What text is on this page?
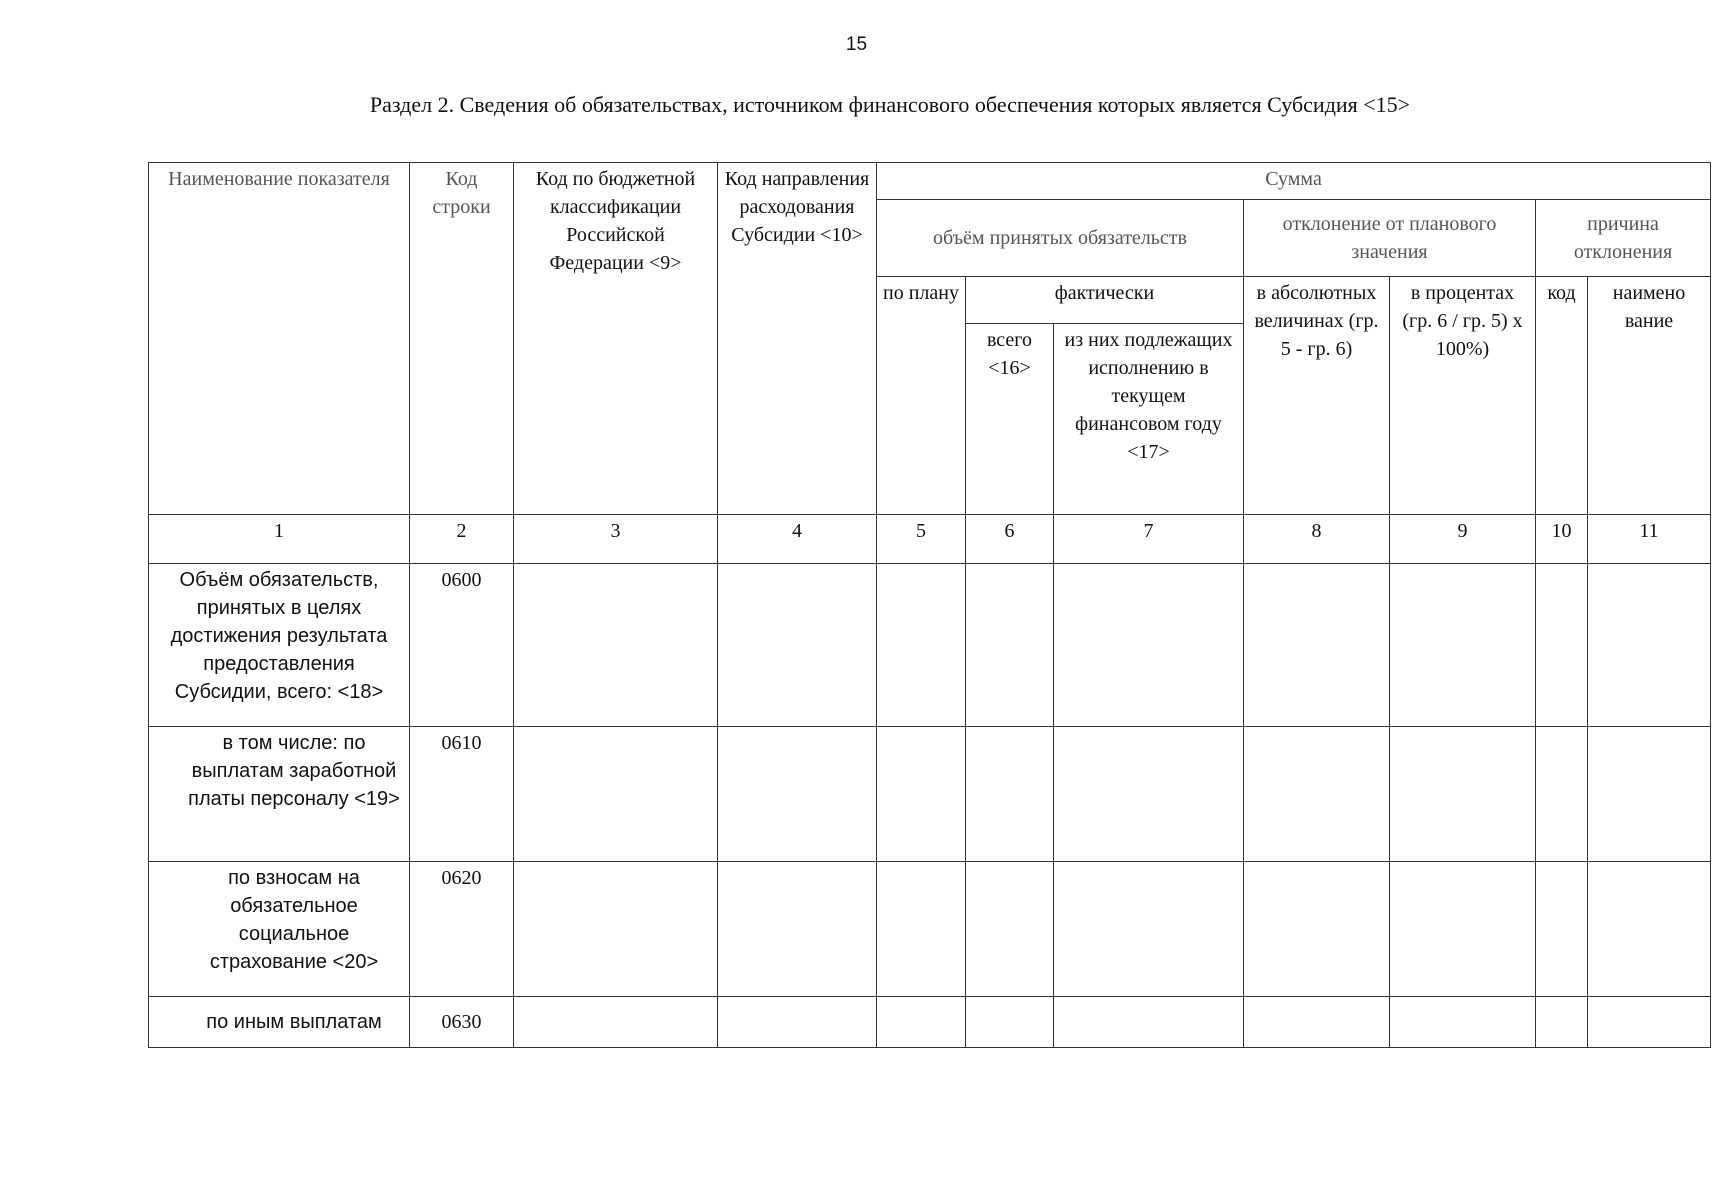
15
Раздел 2. Сведения об обязательствах, источником финансового обеспечения которых является Субсидия <15>
Наименование показателя	Код строки	Код по бюджетной классификации Российской Федерации <9>	Код направления расходования Субсидии <10>	Сумма						
				объём принятых обязательств			отклонение от планового значения		причина отклонения	
				по плану	фактически		в абсолютных величинах (гр. 5 - гр. 6)	в процентах (гр. 6 / гр. 5) x 100%)	код	наимено вание
					всего <16>	из них подлежащих исполнению в текущем финансовом году <17>				
1	2	3	4	5	6	7	8	9	10	11
Объём обязательств, принятых в целях достижения результата предоставления Субсидии, всего: <18>	0600									
в том числе: по выплатам заработной платы персоналу <19>	0610									
по взносам на обязательное социальное страхование <20>	0620									
по иным выплатам	0630									
